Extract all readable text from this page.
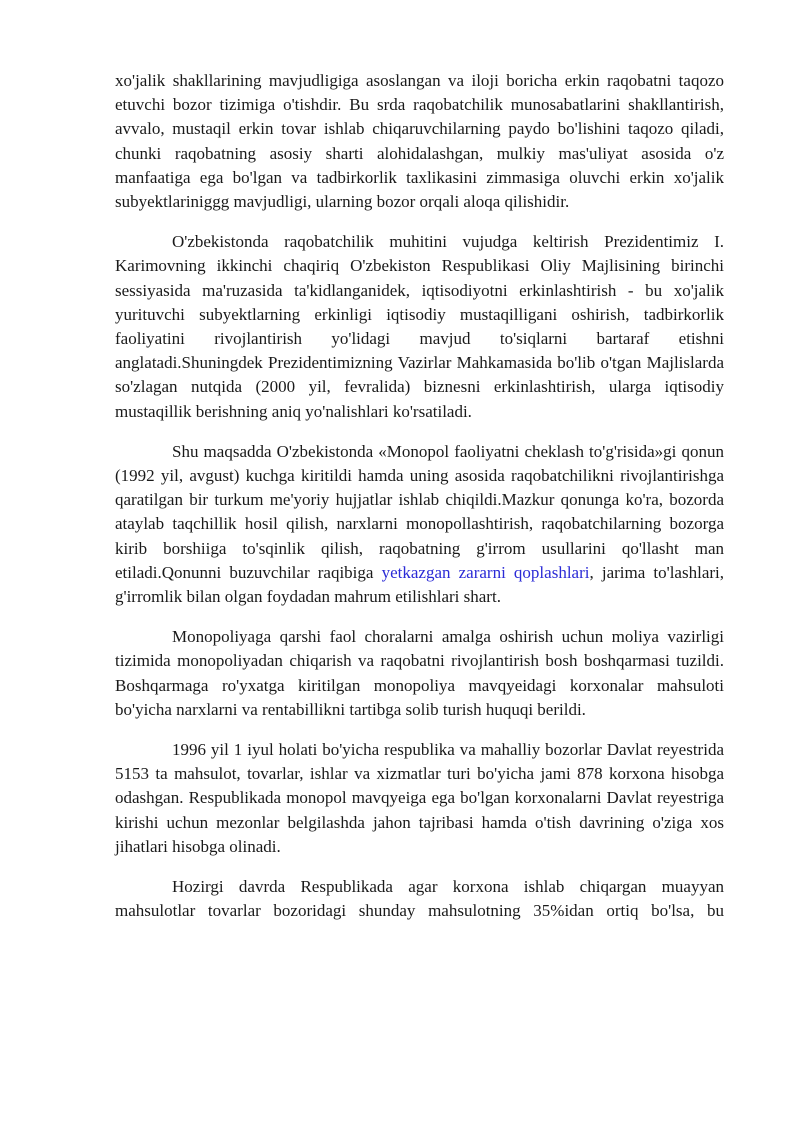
xo'jalik shakllarining mavjudligiga asoslangan va iloji boricha erkin raqobatni taqozo etuvchi bozor tizimiga o'tishdir. Bu srda raqobatchilik munosabatlarini shakllantirish, avvalo, mustaqil erkin tovar ishlab chiqaruvchilarning paydo bo'lishini taqozo qiladi, chunki raqobatning asosiy sharti alohidalashgan, mulkiy mas'uliyat asosida o'z manfaatiga ega bo'lgan va tadbirkorlik taxlikasini zimmasiga oluvchi erkin xo'jalik subyektlariniggg mavjudligi, ularning bozor orqali aloqa qilishidir.

O'zbekistonda raqobatchilik muhitini vujudga keltirish Prezidentimiz I. Karimovning ikkinchi chaqiriq O'zbekiston Respublikasi Oliy Majlisining birinchi sessiyasida ma'ruzasida ta'kidlanganidek, iqtisodiyotni erkinlashtirish - bu xo'jalik yurituvchi subyektlarning erkinligi iqtisodiy mustaqilligani oshirish, tadbirkorlik faoliyatini rivojlantirish yo'lidagi mavjud to'siqlarni bartaraf etishni anglatadi.Shuningdek Prezidentimizning Vazirlar Mahkamasida bo'lib o'tgan Majlislarda so'zlagan nutqida (2000 yil, fevralida) biznesni erkinlashtirish, ularga iqtisodiy mustaqillik berishning aniq yo'nalishlari ko'rsatiladi.

Shu maqsadda O'zbekistonda «Monopol faoliyatni cheklash to'g'risida»gi qonun (1992 yil, avgust) kuchga kiritildi hamda uning asosida raqobatchilikni rivojlantirishga qaratilgan bir turkum me'yoriy hujjatlar ishlab chiqildi.Mazkur qonunga ko'ra, bozorda ataylab taqchillik hosil qilish, narxlarni monopollashtirish, raqobatchilarning bozorga kirib borshiiga to'sqinlik qilish, raqobatning g'irrom usullarini qo'llasht man etiladi.Qonunni buzuvchilar raqibiga yetkazgan zararni qoplashlari, jarima to'lashlari, g'irromlik bilan olgan foydadan mahrum etilishlari shart.

Monopoliyaga qarshi faol choralarni amalga oshirish uchun moliya vazirligi tizimida monopoliyadan chiqarish va raqobatni rivojlantirish bosh boshqarmasi tuzildi. Boshqarmaga ro'yxatga kiritilgan monopoliya mavqyeidagi korxonalar mahsuloti bo'yicha narxlarni va rentabillikni tartibga solib turish huquqi berildi.

1996 yil 1 iyul holati bo'yicha respublika va mahalliy bozorlar Davlat reyestrida 5153 ta mahsulot, tovarlar, ishlar va xizmatlar turi bo'yicha jami 878 korxona hisobga odashgan. Respublikada monopol mavqyeiga ega bo'lgan korxonalarni Davlat reyestriga kirishi uchun mezonlar belgilashda jahon tajribasi hamda o'tish davrining o'ziga xos jihatlari hisobga olinadi.

Hozirgi davrda Respublikada agar korxona ishlab chiqargan muayyan mahsulotlar tovarlar bozoridagi shunday mahsulotning 35%idan ortiq bo'lsa, bu
